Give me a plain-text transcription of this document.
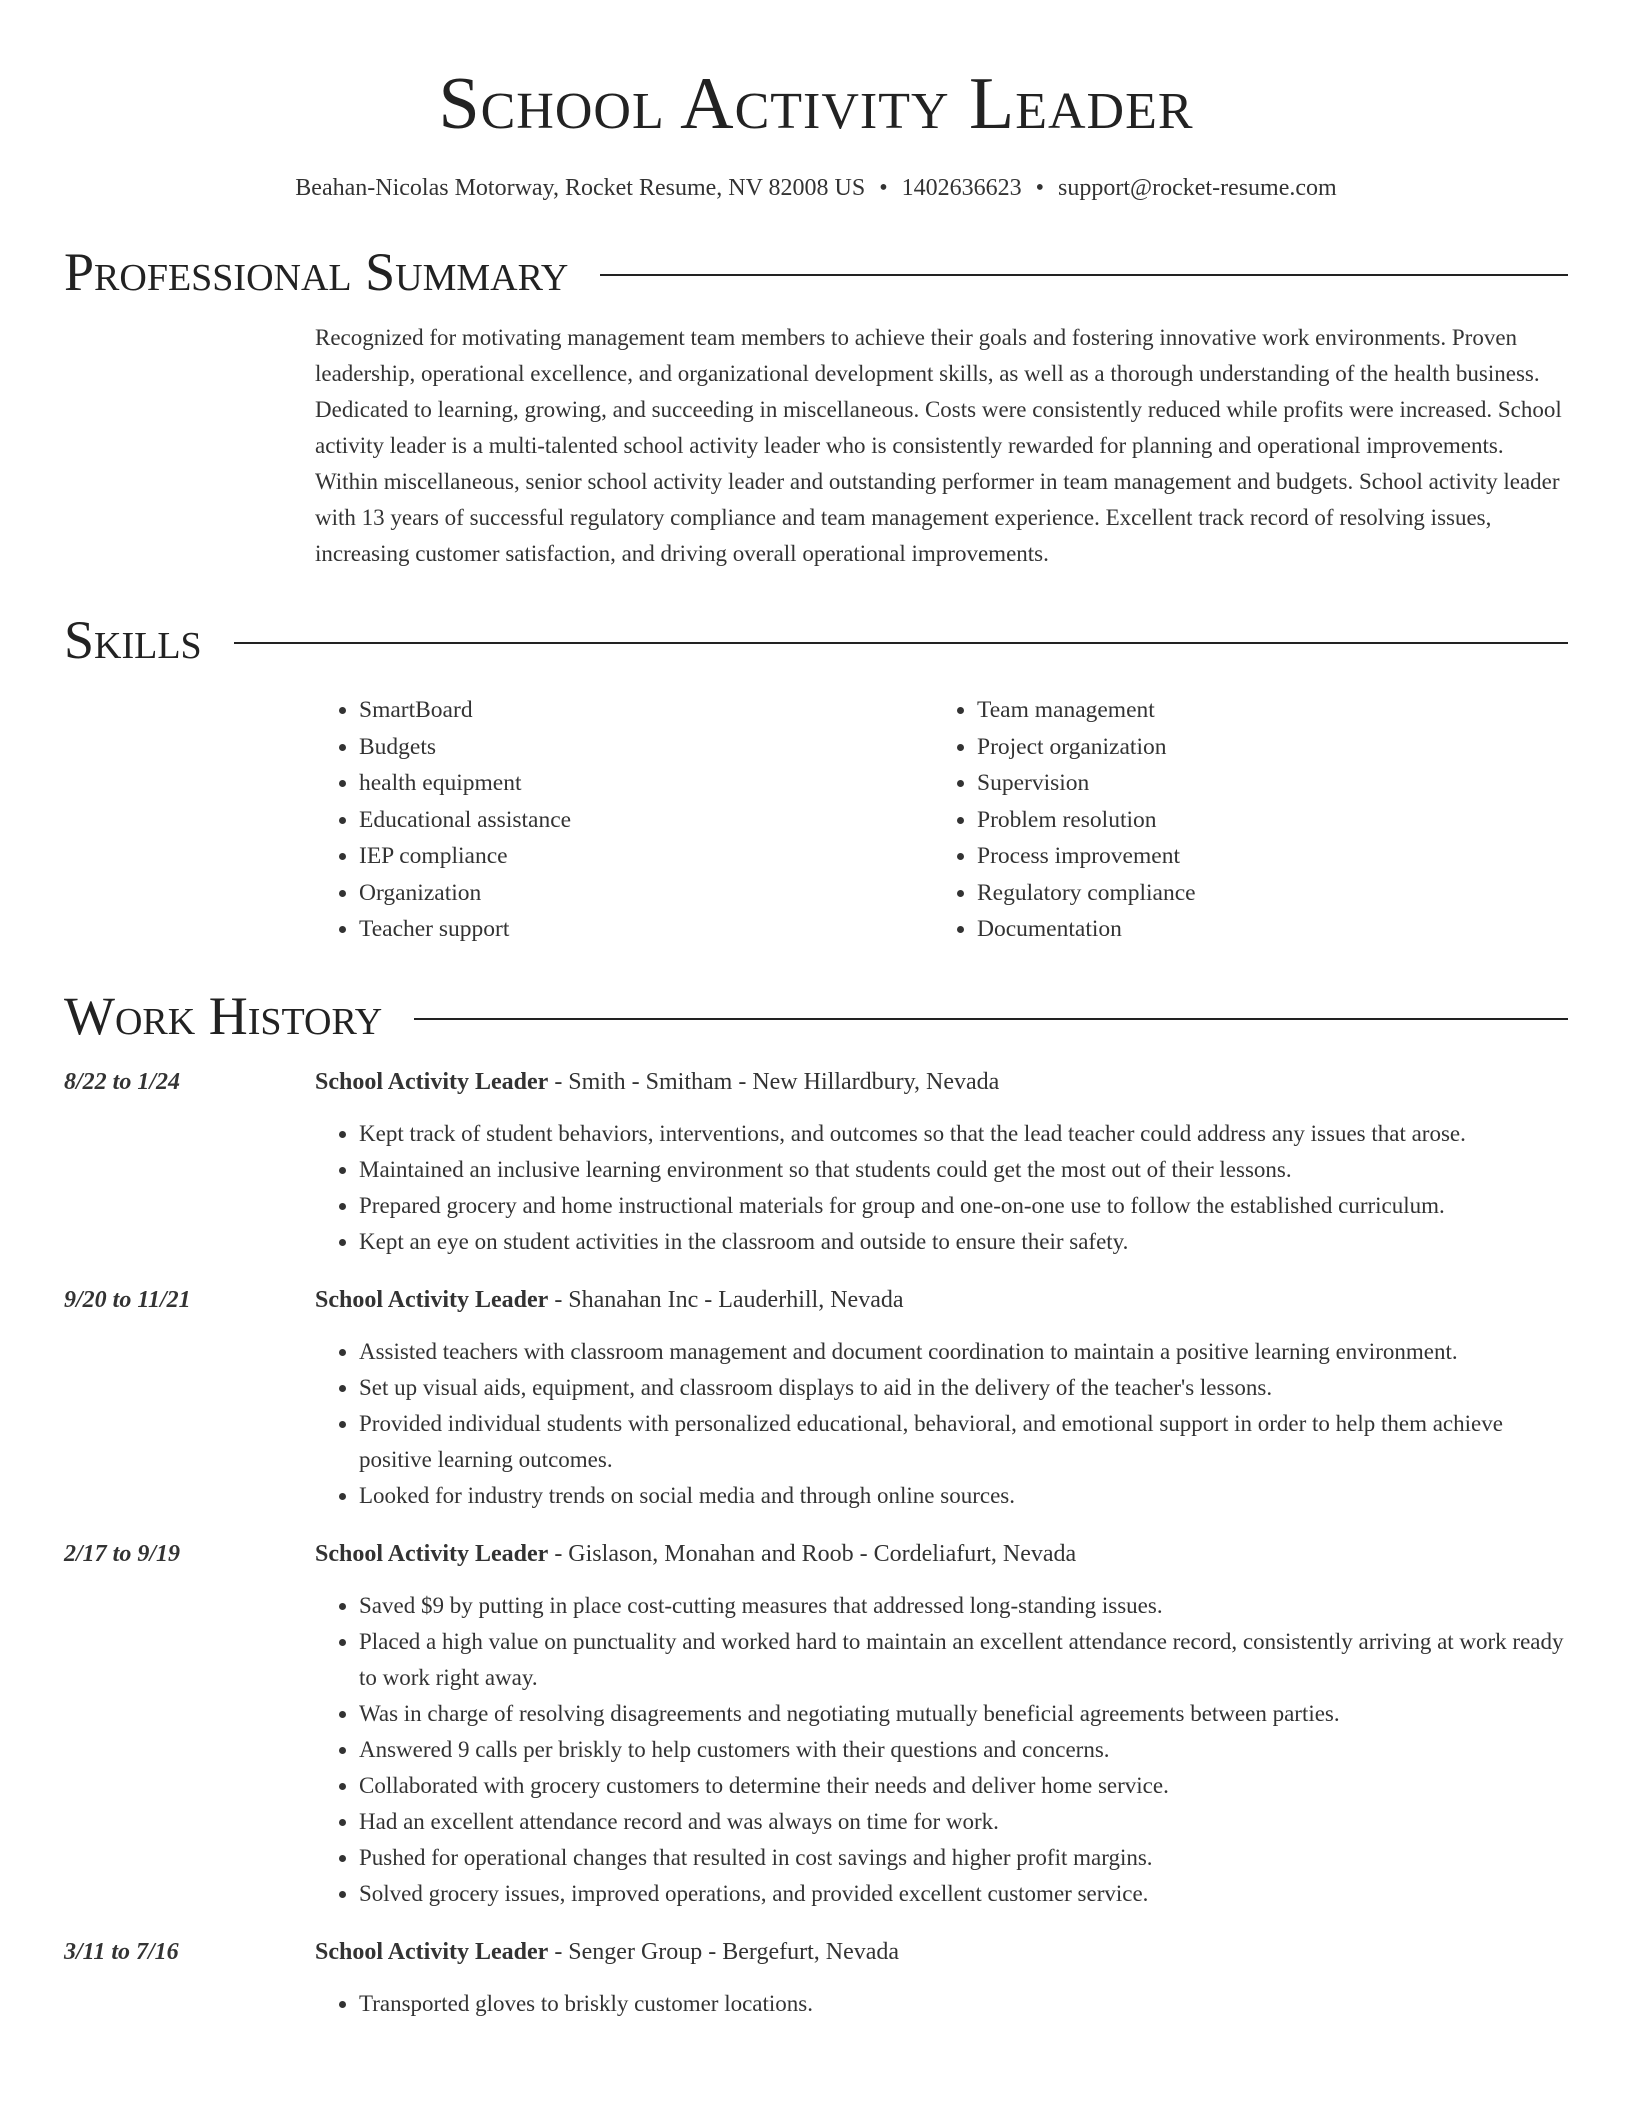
School Activity Leader
Beahan-Nicolas Motorway, Rocket Resume, NV 82008 US • 1402636623 • support@rocket-resume.com
Professional Summary
Recognized for motivating management team members to achieve their goals and fostering innovative work environments. Proven leadership, operational excellence, and organizational development skills, as well as a thorough understanding of the health business. Dedicated to learning, growing, and succeeding in miscellaneous. Costs were consistently reduced while profits were increased. School activity leader is a multi-talented school activity leader who is consistently rewarded for planning and operational improvements. Within miscellaneous, senior school activity leader and outstanding performer in team management and budgets. School activity leader with 13 years of successful regulatory compliance and team management experience. Excellent track record of resolving issues, increasing customer satisfaction, and driving overall operational improvements.
Skills
• SmartBoard
• Budgets
• health equipment
• Educational assistance
• IEP compliance
• Organization
• Teacher support
• Team management
• Project organization
• Supervision
• Problem resolution
• Process improvement
• Regulatory compliance
• Documentation
Work History
8/22 to 1/24	School Activity Leader - Smith - Smitham - New Hillardbury, Nevada
• Kept track of student behaviors, interventions, and outcomes so that the lead teacher could address any issues that arose.
• Maintained an inclusive learning environment so that students could get the most out of their lessons.
• Prepared grocery and home instructional materials for group and one-on-one use to follow the established curriculum.
• Kept an eye on student activities in the classroom and outside to ensure their safety.
9/20 to 11/21	School Activity Leader - Shanahan Inc - Lauderhill, Nevada
• Assisted teachers with classroom management and document coordination to maintain a positive learning environment.
• Set up visual aids, equipment, and classroom displays to aid in the delivery of the teacher's lessons.
• Provided individual students with personalized educational, behavioral, and emotional support in order to help them achieve positive learning outcomes.
• Looked for industry trends on social media and through online sources.
2/17 to 9/19	School Activity Leader - Gislason, Monahan and Roob - Cordeliafurt, Nevada
• Saved $9 by putting in place cost-cutting measures that addressed long-standing issues.
• Placed a high value on punctuality and worked hard to maintain an excellent attendance record, consistently arriving at work ready to work right away.
• Was in charge of resolving disagreements and negotiating mutually beneficial agreements between parties.
• Answered 9 calls per briskly to help customers with their questions and concerns.
• Collaborated with grocery customers to determine their needs and deliver home service.
• Had an excellent attendance record and was always on time for work.
• Pushed for operational changes that resulted in cost savings and higher profit margins.
• Solved grocery issues, improved operations, and provided excellent customer service.
3/11 to 7/16	School Activity Leader - Senger Group - Bergefurt, Nevada
• Transported gloves to briskly customer locations.
